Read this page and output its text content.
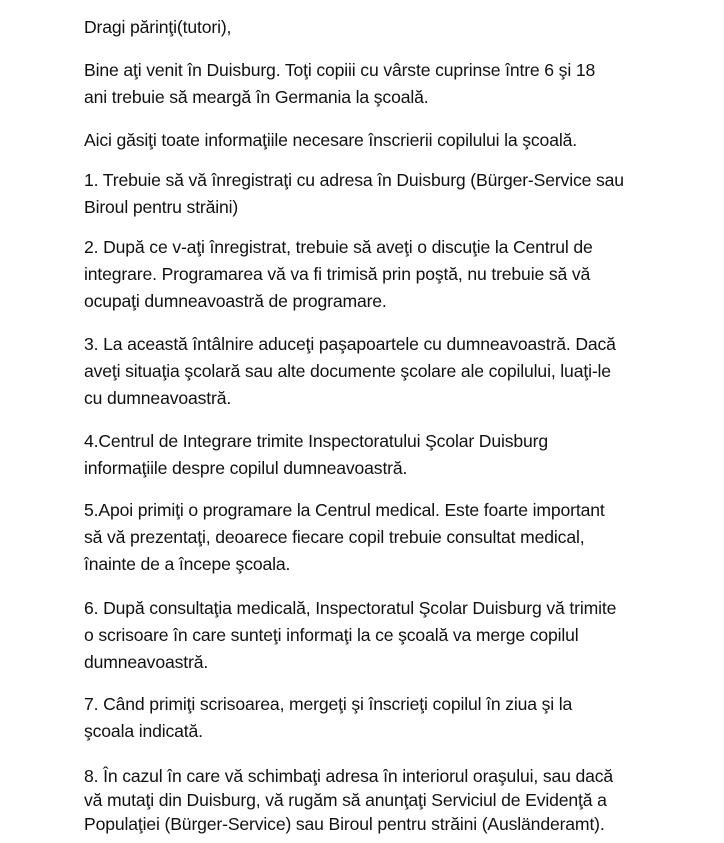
Dragi părinţi(tutori),
Bine aţi venit în Duisburg. Toţi copiii cu vârste cuprinse între 6 şi 18
ani trebuie să meargă în Germania la şcoală.
Aici găsiţi toate informaţiile necesare înscrierii copilului la şcoală.
1. Trebuie să vă înregistraţi cu adresa în Duisburg (Bürger-Service sau
Biroul pentru străini)
2. După ce v-aţi înregistrat, trebuie să aveţi o discuţie la Centrul de
integrare. Programarea vă va fi trimisă prin poştă, nu trebuie să vă
ocupaţi dumneavoastră de programare.
3. La această întâlnire aduceţi paşapoartele cu dumneavoastră. Dacă
aveţi situaţia şcolară sau alte documente şcolare ale copilului, luaţi-le
cu dumneavoastră.
4.Centrul de Integrare trimite Inspectoratului Şcolar Duisburg
informaţiile despre copilul dumneavoastră.
5.Apoi primiţi o programare la Centrul medical. Este foarte important
să vă prezentaţi, deoarece fiecare copil trebuie consultat medical,
înainte de a începe şcoala.
6. După consultaţia medicală, Inspectoratul Şcolar Duisburg vă trimite
o scrisoare în care sunteţi informaţi la ce şcoală va merge copilul
dumneavoastră.
7. Când primiţi scrisoarea, mergeţi şi înscrieţi copilul în ziua şi la
şcoala indicată.
8. În cazul în care vă schimbaţi adresa în interiorul oraşului, sau dacă
vă mutaţi din Duisburg, vă rugăm să anunţaţi Serviciul de Evidenţă a
Populaţiei (Bürger-Service) sau Biroul pentru străini (Ausländeramt).
